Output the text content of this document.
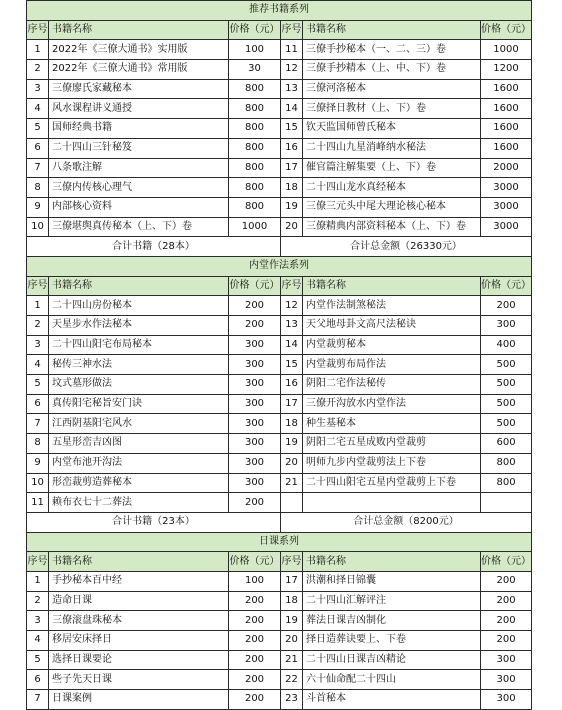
推荐书籍系列					
序号	书籍名称	价格（元）	序号	书籍名称	价格（元）
1	2022年《三僚大通书》实用版	100	11	三僚手抄秘本（一、二、三）卷	1000
2	2022年《三僚大通书》常用版	30	12	三僚手抄精本（上、中、下）卷	1200
3	三僚廖氏家藏秘本	800	13	三僚河洛秘本	1600
4	风水课程讲义通授	800	14	三僚择日教材（上、下）卷	1600
5	国师经典书籍	800	15	钦天监国师曾氏秘本	1600
6	二十四山三针秘笈	800	16	二十四山九星消峰纳水秘法	1600
7	八条歌注解	800	17	催官篇注解集要（上、下）卷	2000
8	三僚内传核心理气	800	18	二十四山龙水真经秘本	3000
9	内部核心资料	800	19	三僚三元头中尾大理论核心秘本	3000
10	三僚堪舆真传秘本（上、下）卷	1000	20	三僚精典内部资料秘本（上、下）卷	3000
合计书籍（28本）			合计总金额（26330元）		
内堂作法系列					
序号	书籍名称	价格（元）	序号	书籍名称	价格（元）
1	二十四山房份秘本	200	12	内堂作法制煞秘法	200
2	天星步水作法秘本	200	13	天父地母卦文高尺法秘诀	300
3	二十四山阳宅布局秘本	300	14	内堂裁剪秘本	400
4	秘传三神水法	300	15	内堂裁剪布局作法	500
5	坟式墓形做法	300	16	阴阳二宅作法秘传	500
6	真传阳宅秘旨安门诀	300	17	三僚开沟放水内堂作法	500
7	江西阴基阳宅风水	300	18	种生基秘本	500
8	五星形峦吉凶图	300	19	阴阳二宅五星成败内堂裁剪	600
9	内堂布池开沟法	300	20	明师九步内堂裁剪法上下卷	800
10	形峦裁剪造葬秘本	300	21	二十四山阳宅五星内堂裁剪上下卷	800
11	赖布衣七十二葬法	200			
合计书籍（23本）			合计总金额（8200元）		
日课系列					
序号	书籍名称	价格（元）	序号	书籍名称	价格（元）
1	手抄秘本百中经	100	17	洪潮和择日锦囊	200
2	造命日课	200	18	二十四山汇解评注	200
3	三僚滚盘珠秘本	200	19	葬法日课吉凶制化	200
4	移居安床择日	200	20	择日造葬诀要上、下卷	200
5	选择日课要论	200	21	二十四山日课吉凶精论	300
6	些子先天日课	200	22	六十仙命配二十四山	300
7	日课案例	200	23	斗首秘本	300
